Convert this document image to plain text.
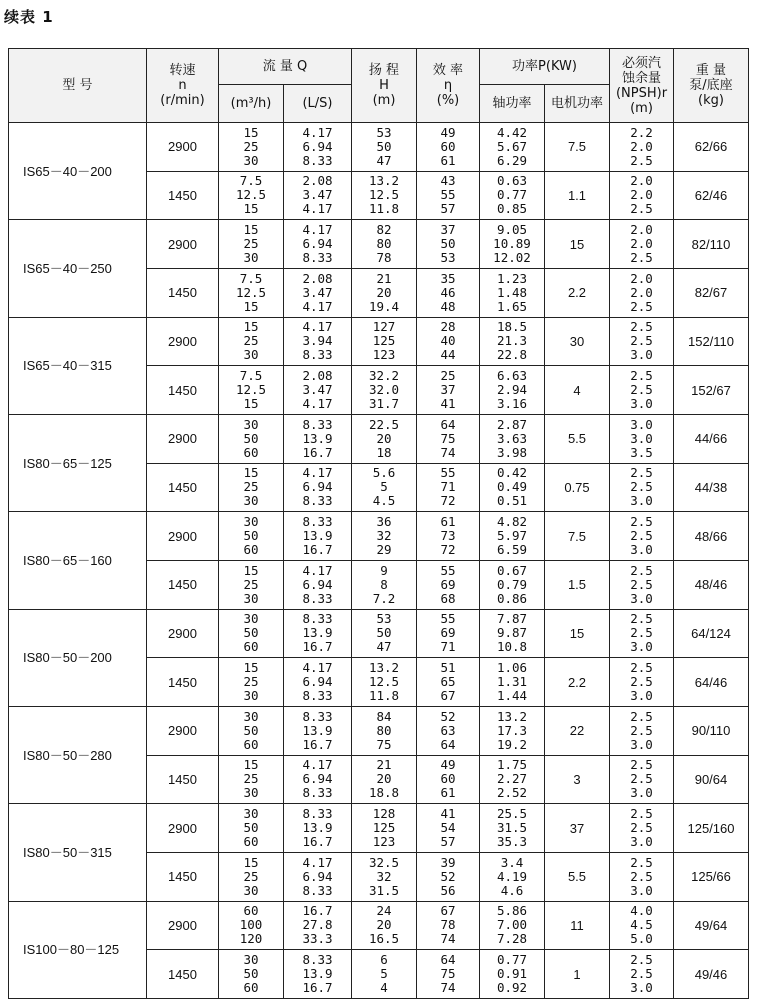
续表 1
型 号	转速
n
(r/min)	流 量 Q		扬 程
H
(m)	效 率
η
(%)	功率P(KW)		必须汽
蚀余量
(NPSH)r
(m)	重 量
泵/底座
(kg)

		(m³/h)	(L/S)			轴功率	电机功率		
IS65－40－200	2900	15
25
30	4.17
6.94
8.33	53
50
47	49
60
61	4.42
5.67
6.29	7.5	2.2
2.0
2.5	62/66
	1450	7.5
12.5
15	2.08
3.47
4.17	13.2
12.5
11.8	43
55
57	0.63
0.77
0.85	1.1	2.0
2.0
2.5	62/46
IS65－40－250	2900	15
25
30	4.17
6.94
8.33	82
80
78	37
50
53	9.05
10.89
12.02	15	2.0
2.0
2.5	82/110
	1450	7.5
12.5
15	2.08
3.47
4.17	21
20
19.4	35
46
48	1.23
1.48
1.65	2.2	2.0
2.0
2.5	82/67
IS65－40－315	2900	15
25
30	4.17
3.94
8.33	127
125
123	28
40
44	18.5
21.3
22.8	30	2.5
2.5
3.0	152/110
	1450	7.5
12.5
15	2.08
3.47
4.17	32.2
32.0
31.7	25
37
41	6.63
2.94
3.16	4	2.5
2.5
3.0	152/67
IS80－65－125	2900	30
50
60	8.33
13.9
16.7	22.5
20
18	64
75
74	2.87
3.63
3.98	5.5	3.0
3.0
3.5	44/66
	1450	15
25
30	4.17
6.94
8.33	5.6
5
4.5	55
71
72	0.42
0.49
0.51	0.75	2.5
2.5
3.0	44/38
IS80－65－160	2900	30
50
60	8.33
13.9
16.7	36
32
29	61
73
72	4.82
5.97
6.59	7.5	2.5
2.5
3.0	48/66
	1450	15
25
30	4.17
6.94
8.33	9
8
7.2	55
69
68	0.67
0.79
0.86	1.5	2.5
2.5
3.0	48/46
IS80－50－200	2900	30
50
60	8.33
13.9
16.7	53
50
47	55
69
71	7.87
9.87
10.8	15	2.5
2.5
3.0	64/124
	1450	15
25
30	4.17
6.94
8.33	13.2
12.5
11.8	51
65
67	1.06
1.31
1.44	2.2	2.5
2.5
3.0	64/46
IS80－50－280	2900	30
50
60	8.33
13.9
16.7	84
80
75	52
63
64	13.2
17.3
19.2	22	2.5
2.5
3.0	90/110
	1450	15
25
30	4.17
6.94
8.33	21
20
18.8	49
60
61	1.75
2.27
2.52	3	2.5
2.5
3.0	90/64
IS80－50－315	2900	30
50
60	8.33
13.9
16.7	128
125
123	41
54
57	25.5
31.5
35.3	37	2.5
2.5
3.0	125/160
	1450	15
25
30	4.17
6.94
8.33	32.5
32
31.5	39
52
56	3.4
4.19
4.6	5.5	2.5
2.5
3.0	125/66
IS100－80－125	2900	60
100
120	16.7
27.8
33.3	24
20
16.5	67
78
74	5.86
7.00
7.28	11	4.0
4.5
5.0	49/64
	1450	30
50
60	8.33
13.9
16.7	6
5
4	64
75
74	0.77
0.91
0.92	1	2.5
2.5
3.0	49/46
